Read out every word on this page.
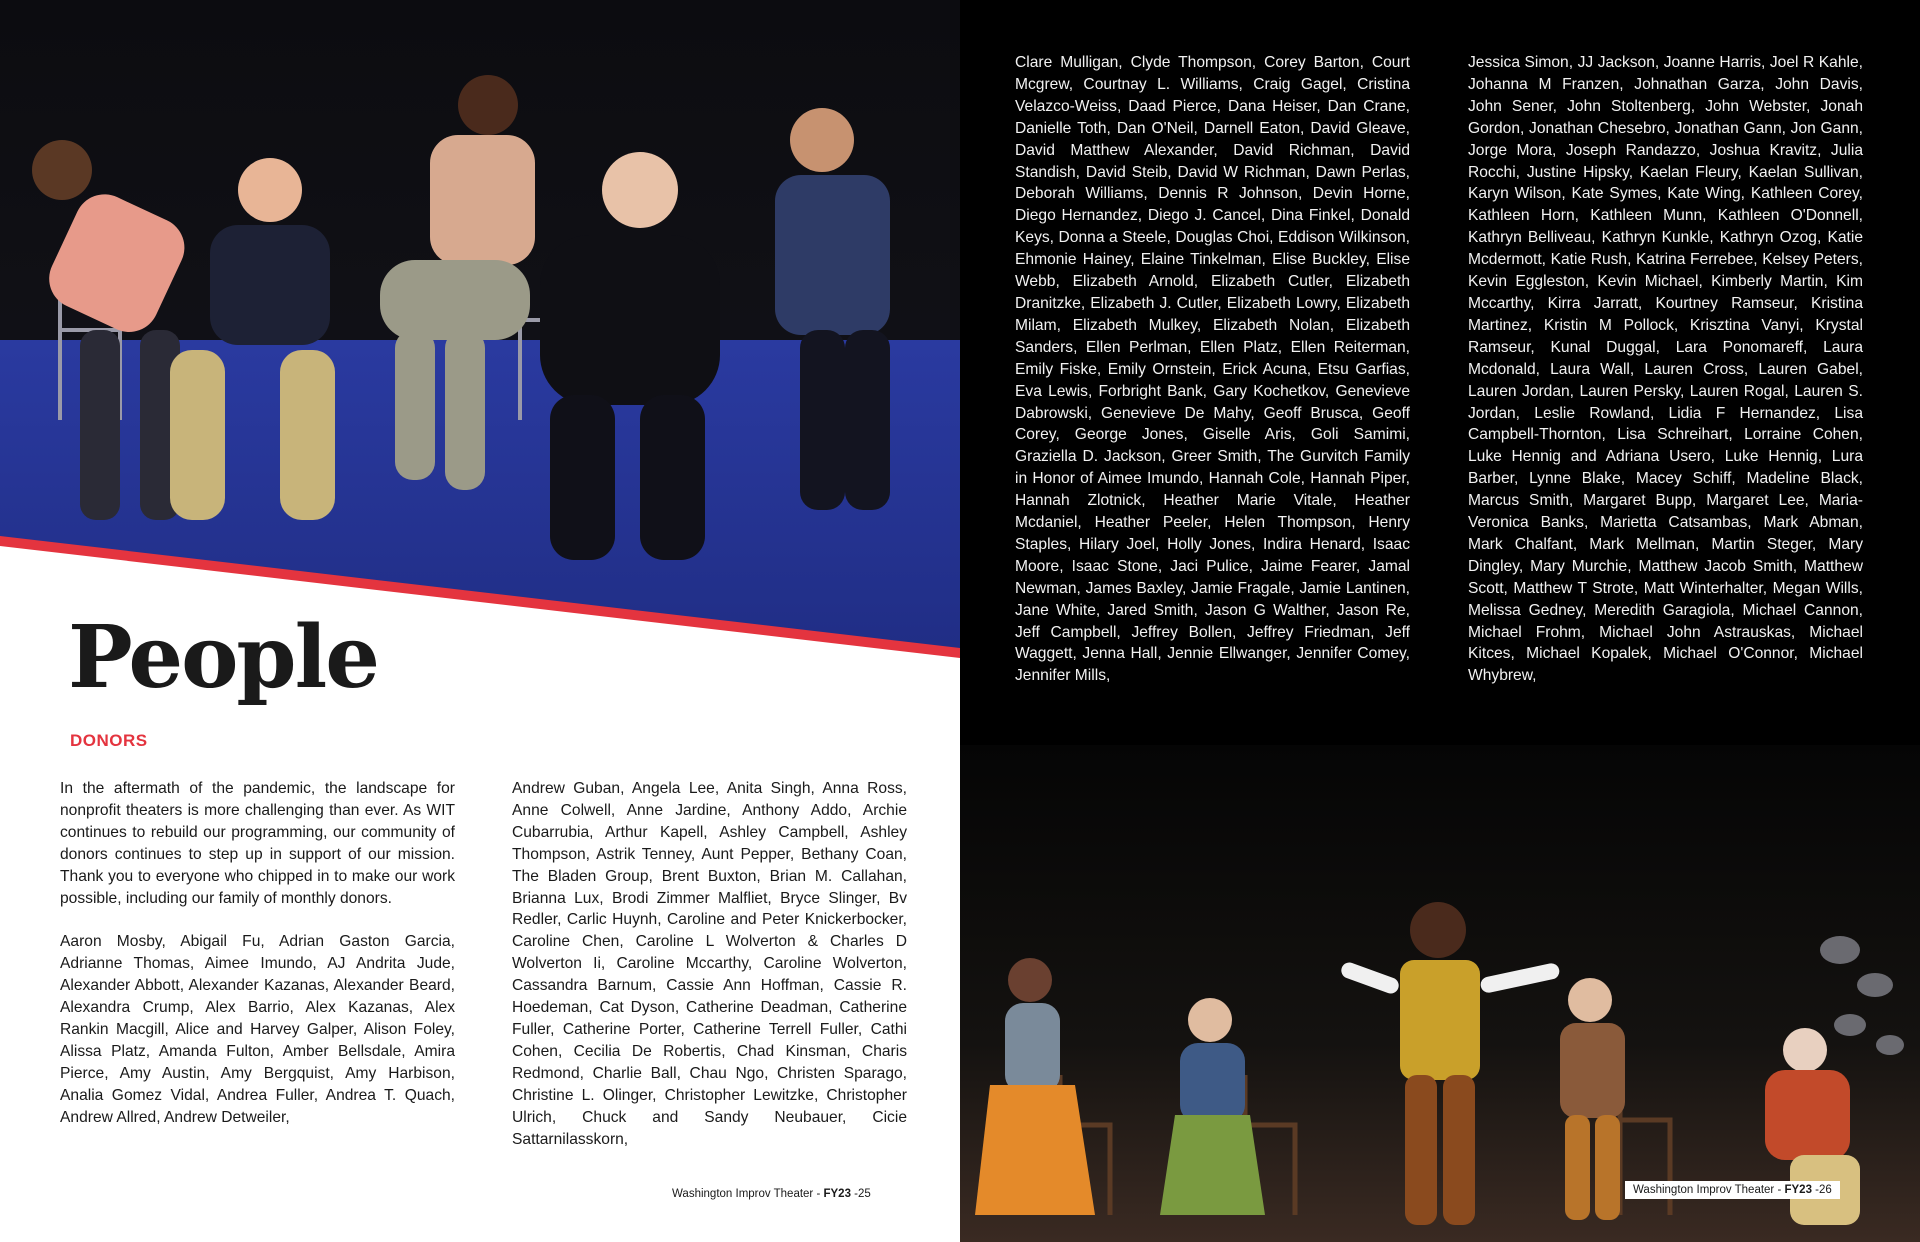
People
DONORS

In the aftermath of the pandemic, the landscape for nonprofit theaters is more challenging than ever. As WIT continues to rebuild our programming, our community of donors continues to step up in support of our mission. Thank you to everyone who chipped in to make our work possible, including our family of monthly donors.

Aaron Mosby, Abigail Fu, Adrian Gaston Garcia, Adrianne Thomas, Aimee Imundo, AJ Andrita Jude, Alexander Abbott, Alexander Kazanas, Alexander Beard, Alexandra Crump, Alex Barrio, Alex Kazanas, Alex Rankin Macgill, Alice and Harvey Galper, Alison Foley, Alissa Platz, Amanda Fulton, Amber Bellsdale, Amira Pierce, Amy Austin, Amy Bergquist, Amy Harbison, Analia Gomez Vidal, Andrea Fuller, Andrea T. Quach, Andrew Allred, Andrew Detweiler,

Andrew Guban, Angela Lee, Anita Singh, Anna Ross, Anne Colwell, Anne Jardine, Anthony Addo, Archie Cubarrubia, Arthur Kapell, Ashley Campbell, Ashley Thompson, Astrik Tenney, Aunt Pepper, Bethany Coan, The Bladen Group, Brent Buxton, Brian M. Callahan, Brianna Lux, Brodi Zimmer Malfliet, Bryce Slinger, Bv Redler, Carlic Huynh, Caroline and Peter Knickerbocker, Caroline Chen, Caroline L Wolverton & Charles D Wolverton Ii, Caroline Mccarthy, Caroline Wolverton, Cassandra Barnum, Cassie Ann Hoffman, Cassie R. Hoedeman, Cat Dyson, Catherine Deadman, Catherine Fuller, Catherine Porter, Catherine Terrell Fuller, Cathi Cohen, Cecilia De Robertis, Chad Kinsman, Charis Redmond, Charlie Ball, Chau Ngo, Christen Sparago, Christine L. Olinger, Christopher Lewitzke, Christopher Ulrich, Chuck and Sandy Neubauer, Cicie Sattarnilasskorn,

Washington Improv Theater - FY23 -25

Clare Mulligan, Clyde Thompson, Corey Barton, Court Mcgrew, Courtnay L. Williams, Craig Gagel, Cristina Velazco-Weiss, Daad Pierce, Dana Heiser, Dan Crane, Danielle Toth, Dan O'Neil, Darnell Eaton, David Gleave, David Matthew Alexander, David Richman, David Standish, David Steib, David W Richman, Dawn Perlas, Deborah Williams, Dennis R Johnson, Devin Horne, Diego Hernandez, Diego J. Cancel, Dina Finkel, Donald Keys, Donna a Steele, Douglas Choi, Eddison Wilkinson, Ehmonie Hainey, Elaine Tinkelman, Elise Buckley, Elise Webb, Elizabeth Arnold, Elizabeth Cutler, Elizabeth Dranitzke, Elizabeth J. Cutler, Elizabeth Lowry, Elizabeth Milam, Elizabeth Mulkey, Elizabeth Nolan, Elizabeth Sanders, Ellen Perlman, Ellen Platz, Ellen Reiterman, Emily Fiske, Emily Ornstein, Erick Acuna, Etsu Garfias, Eva Lewis, Forbright Bank, Gary Kochetkov, Genevieve Dabrowski, Genevieve De Mahy, Geoff Brusca, Geoff Corey, George Jones, Giselle Aris, Goli Samimi, Graziella D. Jackson, Greer Smith, The Gurvitch Family in Honor of Aimee Imundo, Hannah Cole, Hannah Piper, Hannah Zlotnick, Heather Marie Vitale, Heather Mcdaniel, Heather Peeler, Helen Thompson, Henry Staples, Hilary Joel, Holly Jones, Indira Henard, Isaac Moore, Isaac Stone, Jaci Pulice, Jaime Fearer, Jamal Newman, James Baxley, Jamie Fragale, Jamie Lantinen, Jane White, Jared Smith, Jason G Walther, Jason Re, Jeff Campbell, Jeffrey Bollen, Jeffrey Friedman, Jeff Waggett, Jenna Hall, Jennie Ellwanger, Jennifer Comey, Jennifer Mills,

Jessica Simon, JJ Jackson, Joanne Harris, Joel R Kahle, Johanna M Franzen, Johnathan Garza, John Davis, John Sener, John Stoltenberg, John Webster, Jonah Gordon, Jonathan Chesebro, Jonathan Gann, Jon Gann, Jorge Mora, Joseph Randazzo, Joshua Kravitz, Julia Rocchi, Justine Hipsky, Kaelan Fleury, Kaelan Sullivan, Karyn Wilson, Kate Symes, Kate Wing, Kathleen Corey, Kathleen Horn, Kathleen Munn, Kathleen O'Donnell, Kathryn Belliveau, Kathryn Kunkle, Kathryn Ozog, Katie Mcdermott, Katie Rush, Katrina Ferrebee, Kelsey Peters, Kevin Eggleston, Kevin Michael, Kimberly Martin, Kim Mccarthy, Kirra Jarratt, Kourtney Ramseur, Kristina Martinez, Kristin M Pollock, Krisztina Vanyi, Krystal Ramseur, Kunal Duggal, Lara Ponomareff, Laura Mcdonald, Laura Wall, Lauren Cross, Lauren Gabel, Lauren Jordan, Lauren Persky, Lauren Rogal, Lauren S. Jordan, Leslie Rowland, Lidia F Hernandez, Lisa Campbell-Thornton, Lisa Schreihart, Lorraine Cohen, Luke Hennig and Adriana Usero, Luke Hennig, Lura Barber, Lynne Blake, Macey Schiff, Madeline Black, Marcus Smith, Margaret Bupp, Margaret Lee, Maria-Veronica Banks, Marietta Catsambas, Mark Abman, Mark Chalfant, Mark Mellman, Martin Steger, Mary Dingley, Mary Murchie, Matthew Jacob Smith, Matthew Scott, Matthew T Strote, Matt Winterhalter, Megan Wills, Melissa Gedney, Meredith Garagiola, Michael Cannon, Michael Frohm, Michael John Astrauskas, Michael Kitces, Michael Kopalek, Michael O'Connor, Michael Whybrew,

Washington Improv Theater - FY23 -26
